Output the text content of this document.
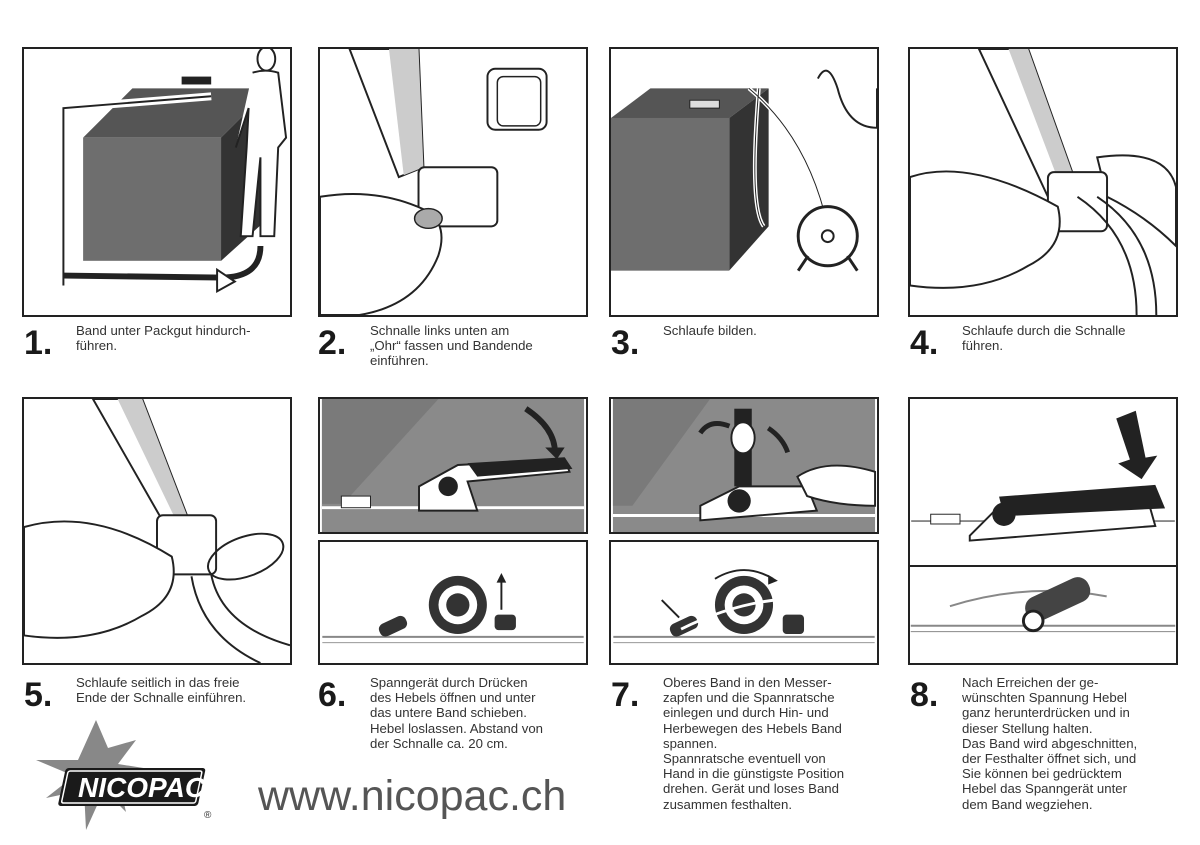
1.	Band unter Packgut hindurch-
führen.	2.	Schnalle links unten am
„Ohr“ fassen und Bandende
einführen.	3.	Schlaufe bilden.	4.	Schlaufe durch die Schnalle
führen.
5.	Schlaufe seitlich in das freie
Ende der Schnalle einführen. 6.	Spanngerät durch Drücken
des Hebels öffnen und unter
das untere Band schieben.
Hebel loslassen. Abstand von
der Schnalle ca. 20 cm.
7.	Oberes Band in den Messer-
zapfen und die Spannratsche
einlegen und durch Hin- und
Herbewegen des Hebels Band
spannen.
Spannratsche eventuell von
Hand in die günstigste Position
drehen. Gerät und loses Band
zusammen festhalten.
8.	Nach Erreichen der ge-
wünschten Spannung Hebel
ganz herunterdrücken und in
dieser Stellung halten.
Das Band wird abgeschnitten,
der Festhalter öffnet sich, und
Sie können bei gedrücktem
Hebel das Spanngerät unter
dem Band wegziehen.
NICOPAC
® www.nicopac.ch
